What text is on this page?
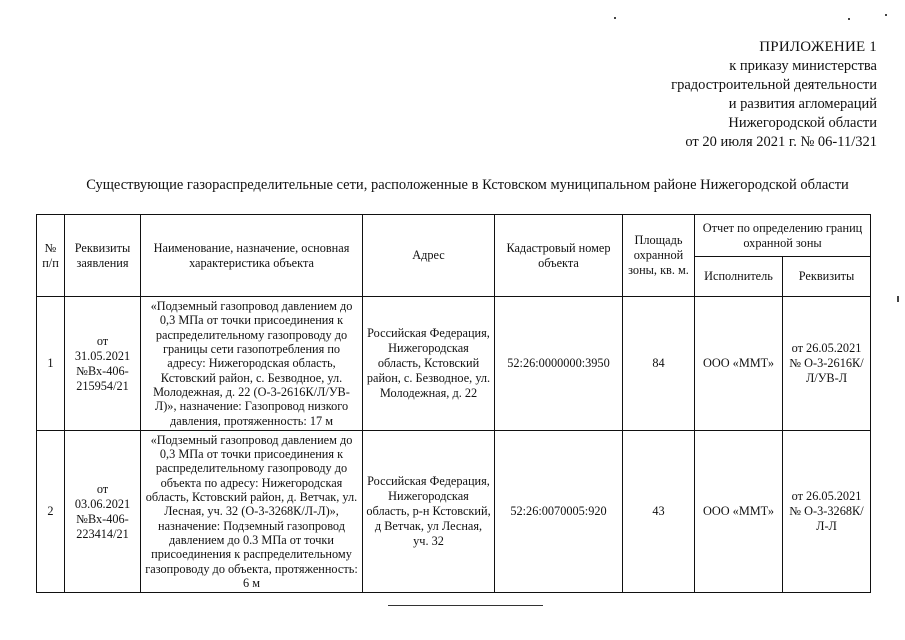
ПРИЛОЖЕНИЕ 1
к приказу министерства
градостроительной деятельности
и развития агломераций
Нижегородской области
от 20 июля 2021 г. № 06-11/321
Существующие газораспределительные сети, расположенные в Кстовском муниципальном районе Нижегородской области
№ п/п	Реквизиты заявления	Наименование, назначение, основная характеристика объекта	Адрес	Кадастровый номер объекта	Площадь охранной зоны, кв. м.	Отчет по определению границ охранной зоны	
						Исполнитель	Реквизиты
1	от 31.05.2021 №Вх-406-215954/21	«Подземный газопровод давлением до 0,3 МПа от точки присоединения к распределительному газопроводу до границы сети газопотребления по адресу: Нижегородская область, Кстовский район, с. Безводное, ул. Молодежная, д. 22 (О-3-2616К/Л/УВ-Л)», назначение: Газопровод низкого давления, протяженность: 17 м	Российская Федерация, Нижегородская область, Кстовский район, с. Безводное, ул. Молодежная, д. 22	52:26:0000000:3950	84	ООО «ММТ»	от 26.05.2021 № О-3-2616К/Л/УВ-Л
2	от 03.06.2021 №Вх-406-223414/21	«Подземный газопровод давлением до 0,3 МПа от точки присоединения к распределительному газопроводу до объекта по адресу: Нижегородская область, Кстовский район, д. Ветчак, ул. Лесная, уч. 32 (О-3-3268К/Л-Л)», назначение: Подземный газопровод давлением до 0.3 МПа от точки присоединения к распределительному газопроводу до объекта, протяженность: 6 м	Российская Федерация, Нижегородская область, р-н Кстовский, д Ветчак, ул Лесная, уч. 32	52:26:0070005:920	43	ООО «ММТ»	от 26.05.2021 № О-3-3268К/Л-Л
